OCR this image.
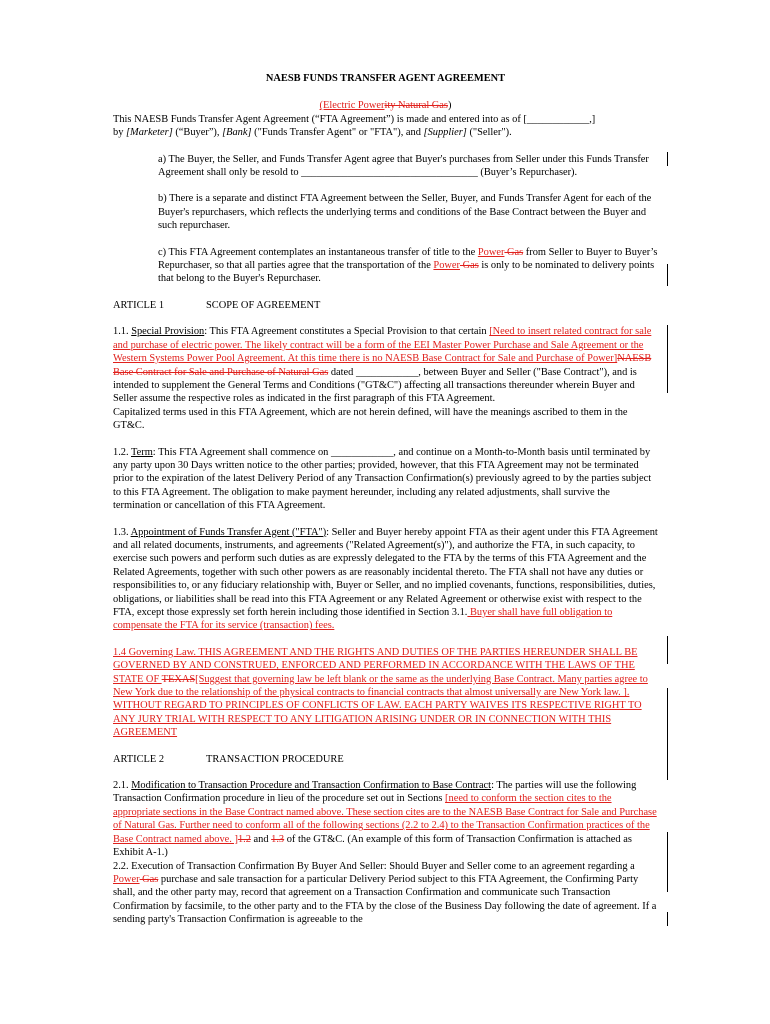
NAESB FUNDS TRANSFER AGENT AGREEMENT

(Electric Powerity Natural Gas)

This NAESB Funds Transfer Agent Agreement (“FTA Agreement”) is made and entered into as of [____________,]
by [Marketer] (“Buyer”), [Bank] ("Funds Transfer Agent" or "FTA"), and [Supplier] ("Seller").

a) The Buyer, the Seller, and Funds Transfer Agent agree that Buyer's purchases from Seller under this Funds Transfer Agreement shall only be resold to __________________________________ (Buyer’s Repurchaser).

b) There is a separate and distinct FTA Agreement between the Seller, Buyer, and Funds Transfer Agent for each of the Buyer's repurchasers, which reflects the underlying terms and conditions of the Base Contract between the Buyer and such repurchaser.

c) This FTA Agreement contemplates an instantaneous transfer of title to the Power Gas from Seller to Buyer to Buyer’s Repurchaser, so that all parties agree that the transportation of the Power Gas is only to be nominated to delivery points that belong to the Buyer's Repurchaser.

ARTICLE 1	SCOPE OF AGREEMENT

1.1. Special Provision: This FTA Agreement constitutes a Special Provision to that certain [Need to insert related contract for sale and purchase of electric power. The likely contract will be a form of the EEI Master Power Purchase and Sale Agreement or the Western Systems Power Pool Agreement. At this time there is no NAESB Base Contract for Sale and Purchase of Power]NAESB Base Contract for Sale and Purchase of Natural Gas dated ____________, between Buyer and Seller ("Base Contract"), and is intended to supplement the General Terms and Conditions ("GT&C") affecting all transactions thereunder wherein Buyer and Seller assume the respective roles as indicated in the first paragraph of this FTA Agreement.
Capitalized terms used in this FTA Agreement, which are not herein defined, will have the meanings ascribed to them in the GT&C.

1.2. Term: This FTA Agreement shall commence on ____________, and continue on a Month-to-Month basis until terminated by any party upon 30 Days written notice to the other parties; provided, however, that this FTA Agreement may not be terminated prior to the expiration of the latest Delivery Period of any Transaction Confirmation(s) previously agreed to by the parties subject to this FTA Agreement. The obligation to make payment hereunder, including any related adjustments, shall survive the termination or cancellation of this FTA Agreement.

1.3. Appointment of Funds Transfer Agent ("FTA"): Seller and Buyer hereby appoint FTA as their agent under this FTA Agreement and all related documents, instruments, and agreements ("Related Agreement(s)"), and authorize the FTA, in such capacity, to exercise such powers and perform such duties as are expressly delegated to the FTA by the terms of this FTA Agreement and the Related Agreements, together with such other powers as are reasonably incidental thereto. The FTA shall not have any duties or responsibilities to, or any fiduciary relationship with, Buyer or Seller, and no implied covenants, functions, responsibilities, duties, obligations, or liabilities shall be read into this FTA Agreement or any Related Agreement or otherwise exist with respect to the FTA, except those expressly set forth herein including those identified in Section 3.1. Buyer shall have full obligation to compensate the FTA for its service (transaction) fees.

1.4 Governing Law. THIS AGREEMENT AND THE RIGHTS AND DUTIES OF THE PARTIES HEREUNDER SHALL BE GOVERNED BY AND CONSTRUED, ENFORCED AND PERFORMED IN ACCORDANCE WITH THE LAWS OF THE STATE OF TEXAS[Suggest that governing law be left blank or the same as the underlying Base Contract. Many parties agree to New York due to the relationship of the physical contracts to financial contracts that almost universally are New York law. ]. WITHOUT REGARD TO PRINCIPLES OF CONFLICTS OF LAW. EACH PARTY WAIVES ITS RESPECTIVE RIGHT TO ANY JURY TRIAL WITH RESPECT TO ANY LITIGATION ARISING UNDER OR IN CONNECTION WITH THIS AGREEMENT

ARTICLE 2	TRANSACTION PROCEDURE

2.1. Modification to Transaction Procedure and Transaction Confirmation to Base Contract: The parties will use the following Transaction Confirmation procedure in lieu of the procedure set out in Sections [need to conform the section cites to the appropriate sections in the Base Contract named above. These section cites are to the NAESB Base Contract for Sale and Purchase of Natural Gas. Further need to conform all of the following sections (2.2 to 2.4) to the Transaction Confirmation practices of the Base Contract named above. ]1.2 and 1.3 of the GT&C. (An example of this form of Transaction Confirmation is attached as Exhibit A-1.)

2.2. Execution of Transaction Confirmation By Buyer And Seller: Should Buyer and Seller come to an agreement regarding a Power Gas purchase and sale transaction for a particular Delivery Period subject to this FTA Agreement, the Confirming Party shall, and the other party may, record that agreement on a Transaction Confirmation and communicate such Transaction Confirmation by facsimile, to the other party and to the FTA by the close of the Business Day following the date of agreement. If a sending party's Transaction Confirmation is agreeable to the
